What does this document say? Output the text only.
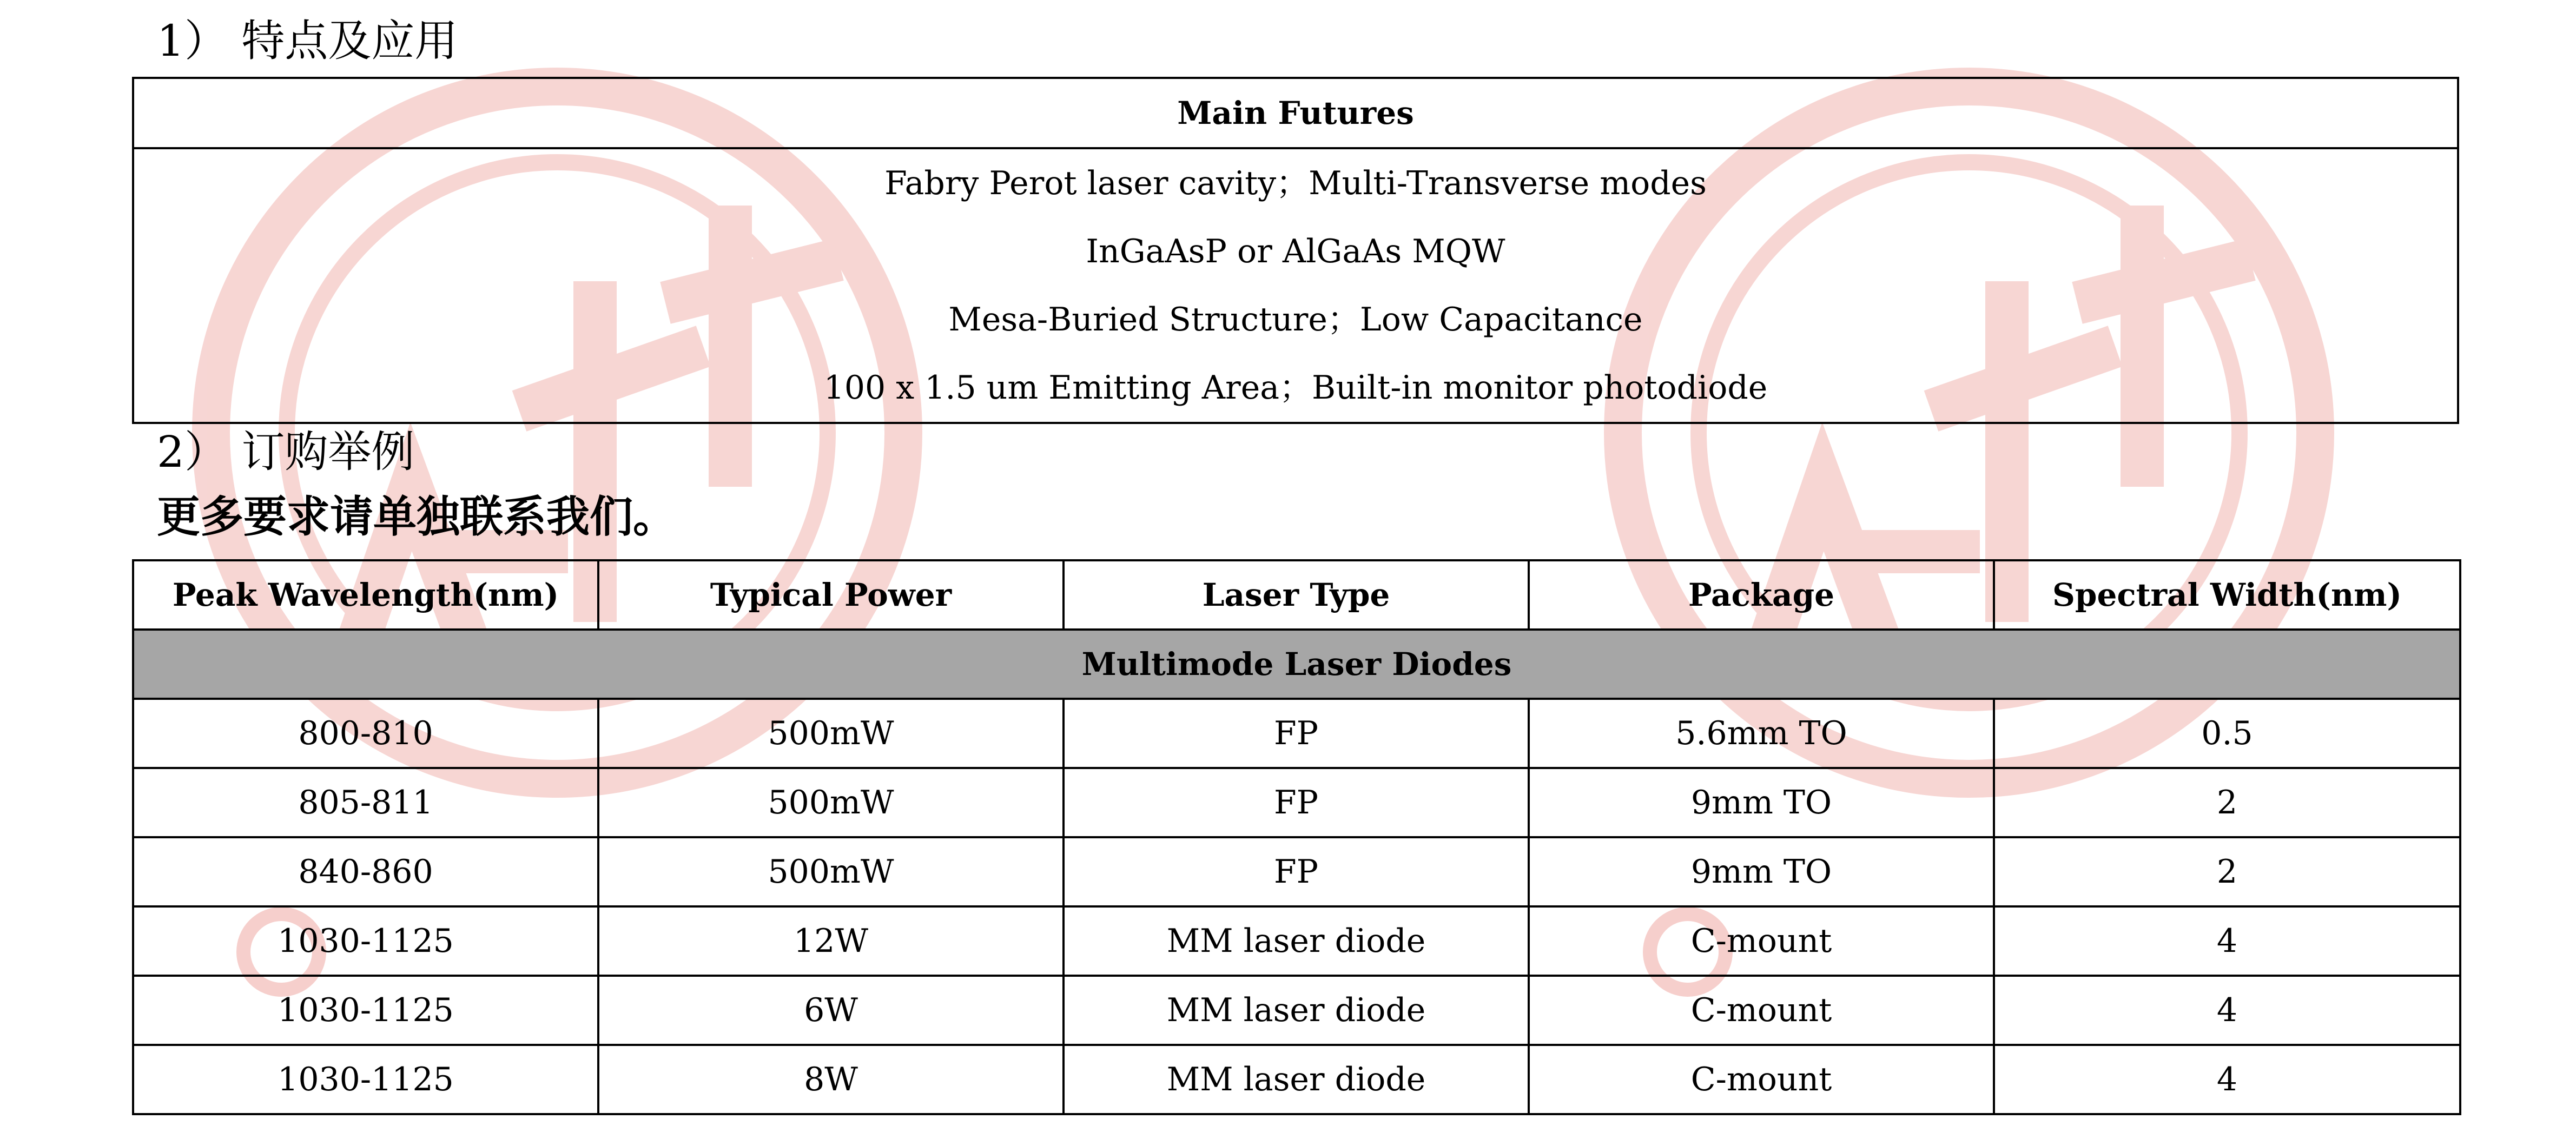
1） 特点及应用
Main Futures

Fabry Perot laser cavity；Multi-Transverse modes
InGaAsP or AlGaAs MQW
Mesa-Buried Structure；Low Capacitance
100 x 1.5 um Emitting Area；Built-in monitor photodiode
2） 订购举例
更多要求请单独联系我们。
Peak Wavelength(nm)	Typical Power	Laser Type	Package	Spectral Width(nm)
Multimode Laser Diodes				
800-810	500mW	FP	5.6mm TO	0.5
805-811	500mW	FP	9mm TO	2
840-860	500mW	FP	9mm TO	2
1030-1125	12W	MM laser diode	C-mount	4
1030-1125	6W	MM laser diode	C-mount	4
1030-1125	8W	MM laser diode	C-mount	4
